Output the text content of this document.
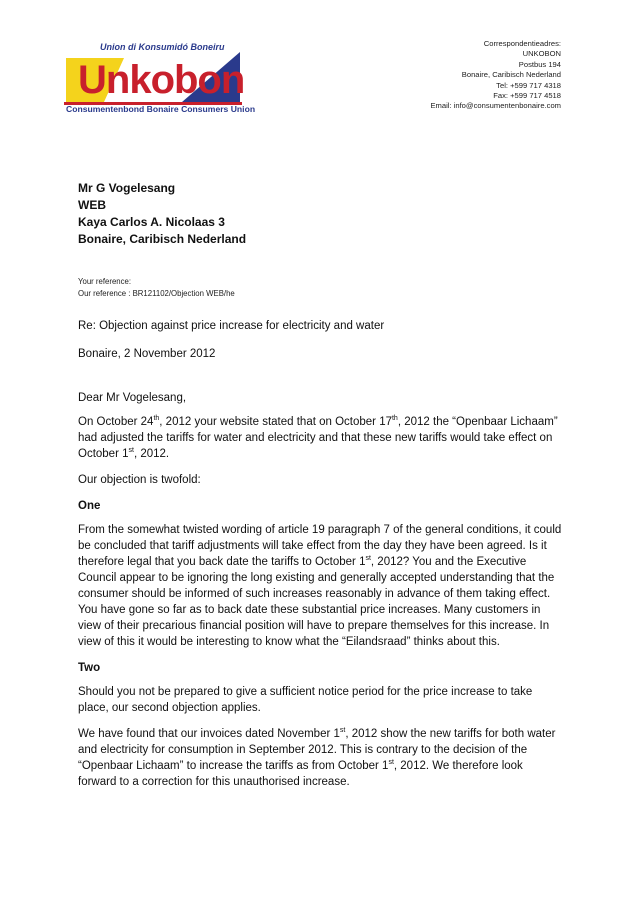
Union di Konsumidó Boneiru
Unkobon
Consumentenbond Bonaire Consumers Union
Correspondentieadres:
UNKOBON
Postbus 194
Bonaire, Caribisch Nederland
Tel: +599 717 4318
Fax: +599 717 4518
Email: info@consumentenbonaire.com
Mr G Vogelesang
WEB
Kaya Carlos A. Nicolaas 3
Bonaire, Caribisch Nederland
Your reference:
Our reference : BR121102/Objection WEB/he

Re: Objection against price increase for electricity and water

Bonaire, 2 November 2012

Dear Mr Vogelesang,

On October 24th, 2012 your website stated that on October 17th, 2012 the “Openbaar Lichaam” had adjusted the tariffs for water and electricity and that these new tariffs would take effect on October 1st, 2012.

Our objection is twofold:

One

From the somewhat twisted wording of article 19 paragraph 7 of the general conditions, it could be concluded that tariff adjustments will take effect from the day they have been agreed. Is it therefore legal that you back date the tariffs to October 1st, 2012? You and the Executive Council appear to be ignoring the long existing and generally accepted understanding that the consumer should be informed of such increases reasonably in advance of them taking effect. You have gone so far as to back date these substantial price increases. Many customers in view of their precarious financial position will have to prepare themselves for this increase. In view of this it would be interesting to know what the “Eilandsraad” thinks about this.

Two

Should you not be prepared to give a sufficient notice period for the price increase to take place, our second objection applies.

We have found that our invoices dated November 1st, 2012 show the new tariffs for both water and electricity for consumption in September 2012. This is contrary to the decision of the “Openbaar Lichaam” to increase the tariffs as from October 1st, 2012. We therefore look forward to a correction for this unauthorised increase.
